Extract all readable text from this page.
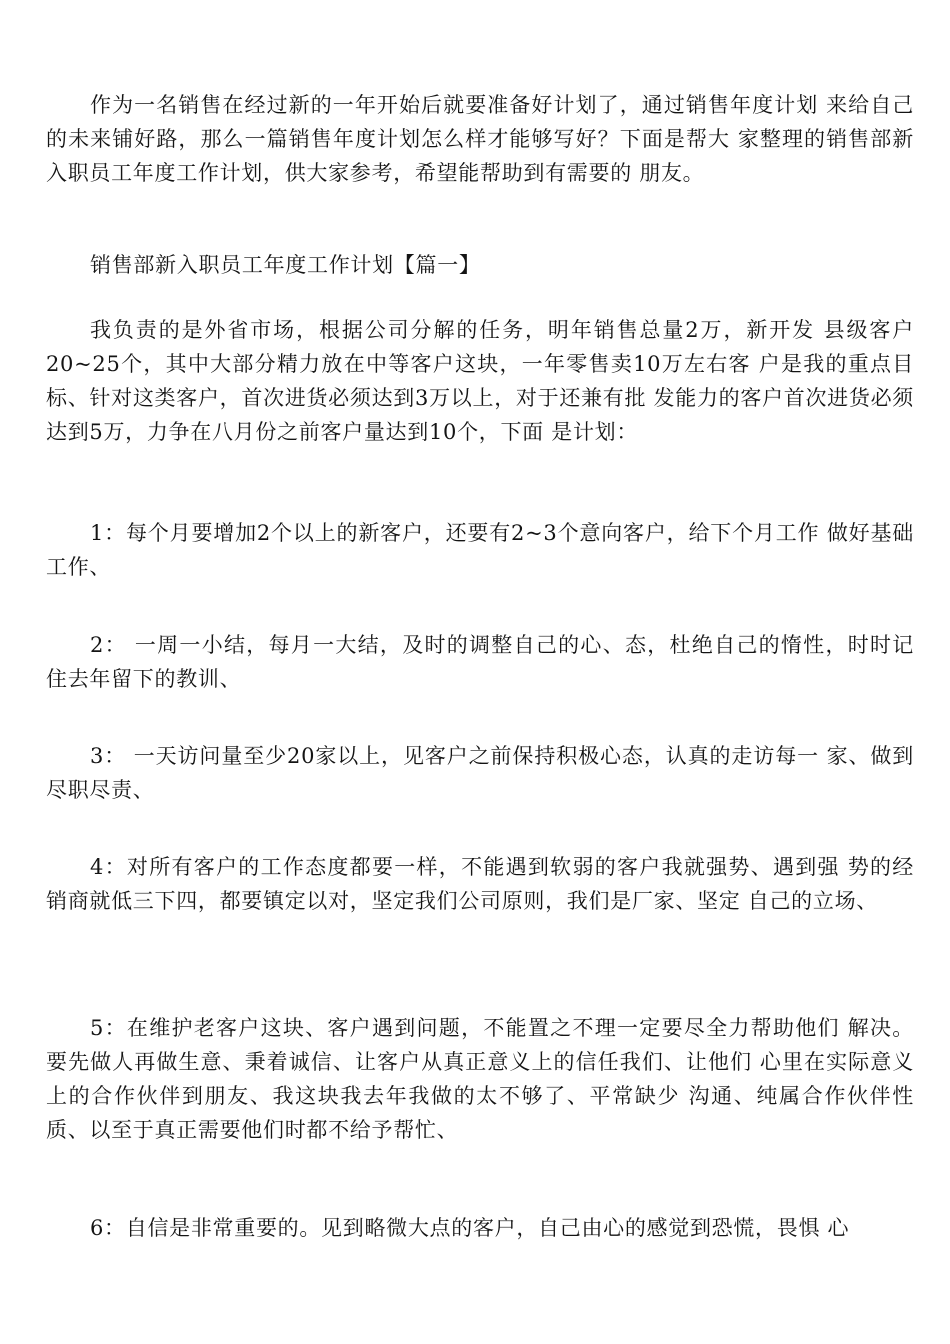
作为一名销售在经过新的一年开始后就要准备好计划了，通过销售年度计划 来给自己的未来铺好路，那么一篇销售年度计划怎么样才能够写好？下面是帮大 家整理的销售部新入职员工年度工作计划，供大家参考，希望能帮助到有需要的 朋友。

销售部新入职员工年度工作计划【篇一】

我负责的是外省市场，根据公司分解的任务，明年销售总量2万，新开发 县级客户20~25个，其中大部分精力放在中等客户这块，一年零售卖10万左右客 户是我的重点目标、针对这类客户，首次进货必须达到3万以上，对于还兼有批 发能力的客户首次进货必须达到5万，力争在八月份之前客户量达到10个，下面 是计划：

1：每个月要增加2个以上的新客户，还要有2~3个意向客户，给下个月工作 做好基础工作、

2： 一周一小结，每月一大结，及时的调整自己的心、态，杜绝自己的惰性，时时记住去年留下的教训、

3： 一天访问量至少20家以上，见客户之前保持积极心态，认真的走访每一 家、做到尽职尽责、

4：对所有客户的工作态度都要一样，不能遇到软弱的客户我就强势、遇到强 势的经销商就低三下四，都要镇定以对，坚定我们公司原则，我们是厂家、坚定 自己的立场、

5：在维护老客户这块、客户遇到问题，不能置之不理一定要尽全力帮助他们 解决。要先做人再做生意、秉着诚信、让客户从真正意义上的信任我们、让他们 心里在实际意义上的合作伙伴到朋友、我这块我去年我做的太不够了、平常缺少 沟通、纯属合作伙伴性质、以至于真正需要他们时都不给予帮忙、

6：自信是非常重要的。见到略微大点的客户，自己由心的感觉到恐慌，畏惧 心
